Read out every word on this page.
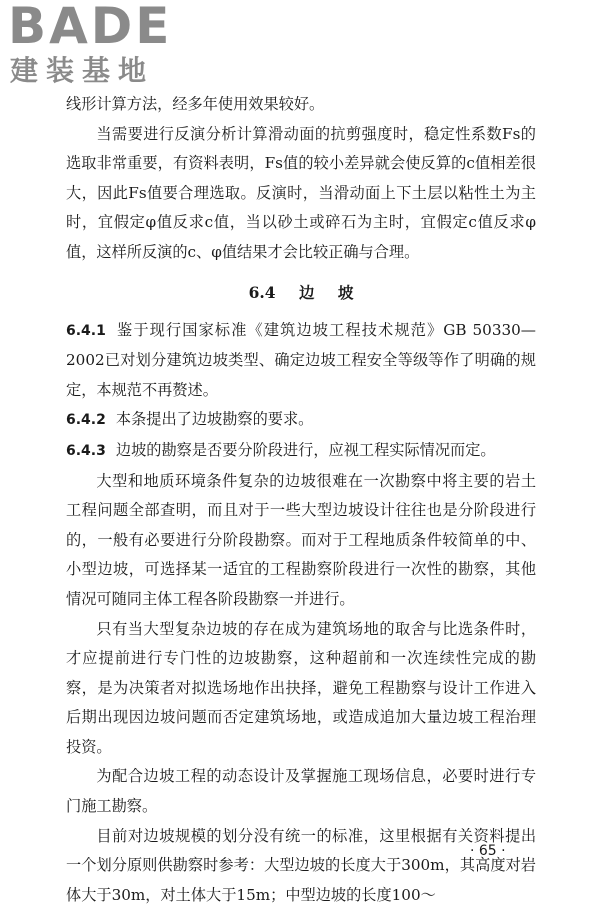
BADE
建装基地

线形计算方法，经多年使用效果较好。

当需要进行反演分析计算滑动面的抗剪强度时，稳定性系数Fs的选取非常重要，有资料表明，Fs值的较小差异就会使反算的c值相差很大，因此Fs值要合理选取。反演时，当滑动面上下土层以粘性土为主时，宜假定φ值反求c值，当以砂土或碎石为主时，宜假定c值反求φ值，这样所反演的c、φ值结果才会比较正确与合理。

6.4 边 坡

6.4.1 鉴于现行国家标准《建筑边坡工程技术规范》GB 50330—2002已对划分建筑边坡类型、确定边坡工程安全等级等作了明确的规定，本规范不再赘述。

6.4.2 本条提出了边坡勘察的要求。

6.4.3 边坡的勘察是否要分阶段进行，应视工程实际情况而定。

大型和地质环境条件复杂的边坡很难在一次勘察中将主要的岩土工程问题全部查明，而且对于一些大型边坡设计往往也是分阶段进行的，一般有必要进行分阶段勘察。而对于工程地质条件较简单的中、小型边坡，可选择某一适宜的工程勘察阶段进行一次性的勘察，其他情况可随同主体工程各阶段勘察一并进行。

只有当大型复杂边坡的存在成为建筑场地的取舍与比选条件时，才应提前进行专门性的边坡勘察，这种超前和一次连续性完成的勘察，是为决策者对拟选场地作出抉择，避免工程勘察与设计工作进入后期出现因边坡问题而否定建筑场地，或造成追加大量边坡工程治理投资。

为配合边坡工程的动态设计及掌握施工现场信息，必要时进行专门施工勘察。

目前对边坡规模的划分没有统一的标准，这里根据有关资料提出一个划分原则供勘察时参考：大型边坡的长度大于300m，其高度对岩体大于30m，对土体大于15m；中型边坡的长度100～

· 65 ·
